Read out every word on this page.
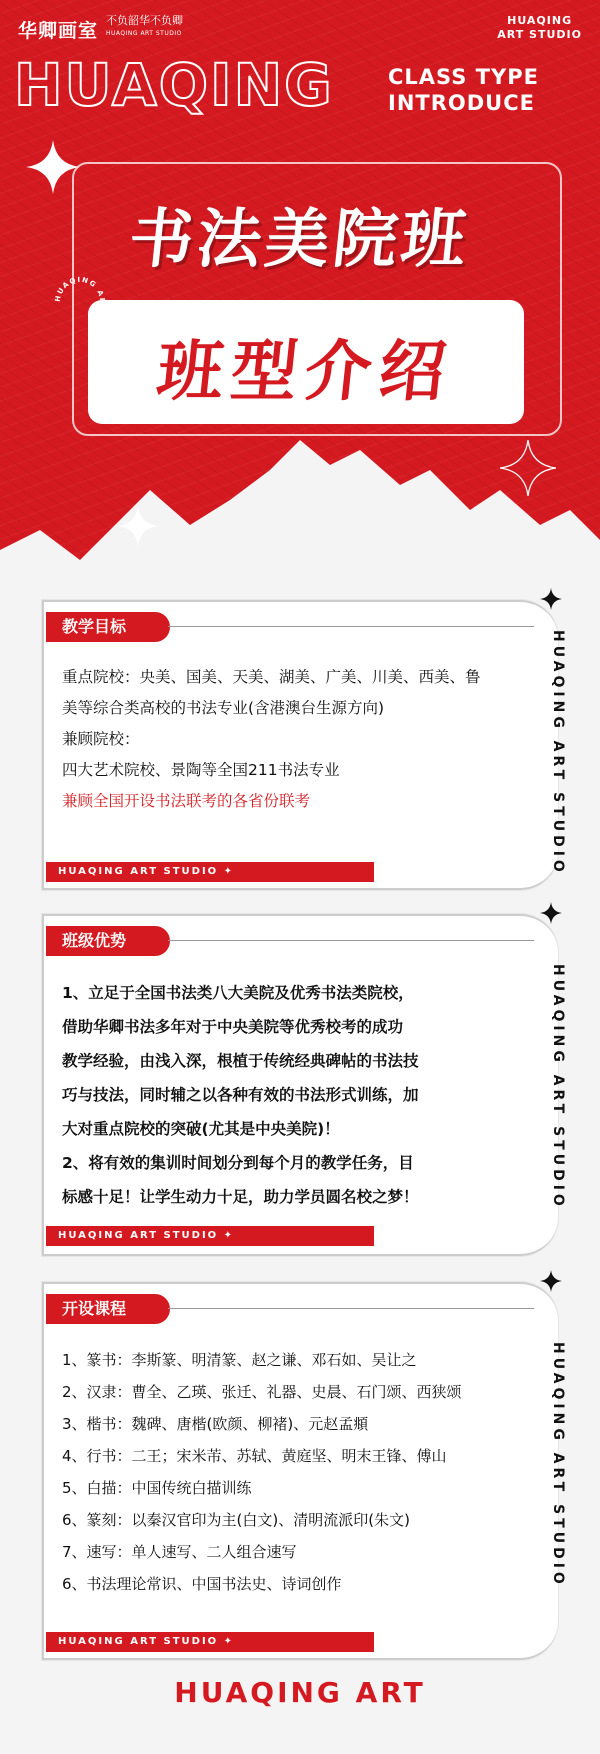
华卿画室 不负韶华不负卿
HUAQING ART STUDIO
HUAQING
ART STUDIO
HUAQING	CLASS TYPE
INTRODUCE
书法美院班
班型介绍
HUAQING ART
教学目标

重点院校：央美、国美、天美、湖美、广美、川美、西美、鲁

美等综合类高校的书法专业(含港澳台生源方向)

兼顾院校：

四大艺术院校、景陶等全国211书法专业

兼顾全国开设书法联考的各省份联考

HUAQING ART STUDIO ✦	HUAQING ART STUDIO
班级优势

1、立足于全国书法类八大美院及优秀书法类院校，

借助华卿书法多年对于中央美院等优秀校考的成功

教学经验，由浅入深，根植于传统经典碑帖的书法技

巧与技法，同时辅之以各种有效的书法形式训练，加

大对重点院校的突破(尤其是中央美院)！

2、将有效的集训时间划分到每个月的教学任务，目

标感十足！让学生动力十足，助力学员圆名校之梦！

HUAQING ART STUDIO ✦
HUAQING ART STUDIO
开设课程

1、篆书：李斯篆、明清篆、赵之谦、邓石如、吴让之

2、汉隶：曹全、乙瑛、张迁、礼器、史晨、石门颂、西狭颂

3、楷书：魏碑、唐楷(欧颜、柳褚)、元赵孟頫

4、行书：二王；宋米芾、苏轼、黄庭坚、明末王锋、傅山

5、白描：中国传统白描训练

6、篆刻：以秦汉官印为主(白文)、清明流派印(朱文)

7、速写：单人速写、二人组合速写

6、书法理论常识、中国书法史、诗词创作

HUAQING ART STUDIO ✦
HUAQING ART STUDIO
HUAQING ART
